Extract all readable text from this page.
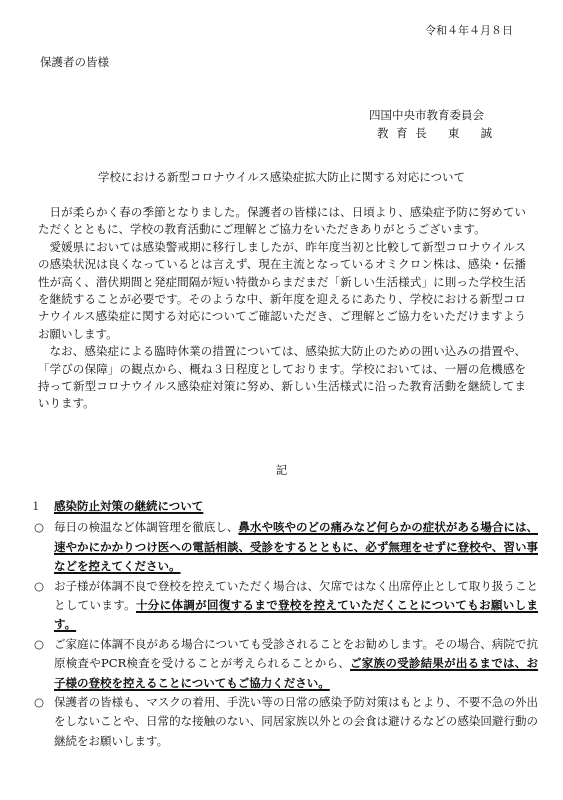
令和４年４月８日
保護者の皆様
四国中央市教育委員会
教 育 長　 東　 誠
学校における新型コロナウイルス感染症拡大防止に関する対応について

日が柔らかく春の季節となりました。保護者の皆様には、日頃より、感染症予防に努めていただくとともに、学校の教育活動にご理解とご協力をいただきありがとうございます。

愛媛県においては感染警戒期に移行しましたが、昨年度当初と比較して新型コロナウイルスの感染状況は良くなっているとは言えず、現在主流となっているオミクロン株は、感染・伝播性が高く、潜伏期間と発症間隔が短い特徴からまだまだ「新しい生活様式」に則った学校生活を継続することが必要です。そのような中、新年度を迎えるにあたり、学校における新型コロナウイルス感染症に関する対応についてご確認いただき、ご理解とご協力をいただけますようお願いします。

なお、感染症による臨時休業の措置については、感染拡大防止のための囲い込みの措置や、「学びの保障」の観点から、概ね３日程度としております。学校においては、一層の危機感を持って新型コロナウイルス感染症対策に努め、新しい生活様式に沿った教育活動を継続してまいります。

記
１ 感染防止対策の継続について
○ 毎日の検温など体調管理を徹底し、鼻水や咳やのどの痛みなど何らかの症状がある場合には、速やかにかかりつけ医への電話相談、受診をするとともに、必ず無理をせずに登校や、習い事などを控えてください。
○ お子様が体調不良で登校を控えていただく場合は、欠席ではなく出席停止として取り扱うこととしています。十分に体調が回復するまで登校を控えていただくことについてもお願いします。
○ ご家庭に体調不良がある場合についても受診されることをお勧めします。その場合、病院で抗原検査やPCR検査を受けることが考えられることから、ご家族の受診結果が出るまでは、お子様の登校を控えることについてもご協力ください。
○ 保護者の皆様も、マスクの着用、手洗い等の日常の感染予防対策はもとより、不要不急の外出をしないことや、日常的な接触のない、同居家族以外との会食は避けるなどの感染回避行動の継続をお願いします。
